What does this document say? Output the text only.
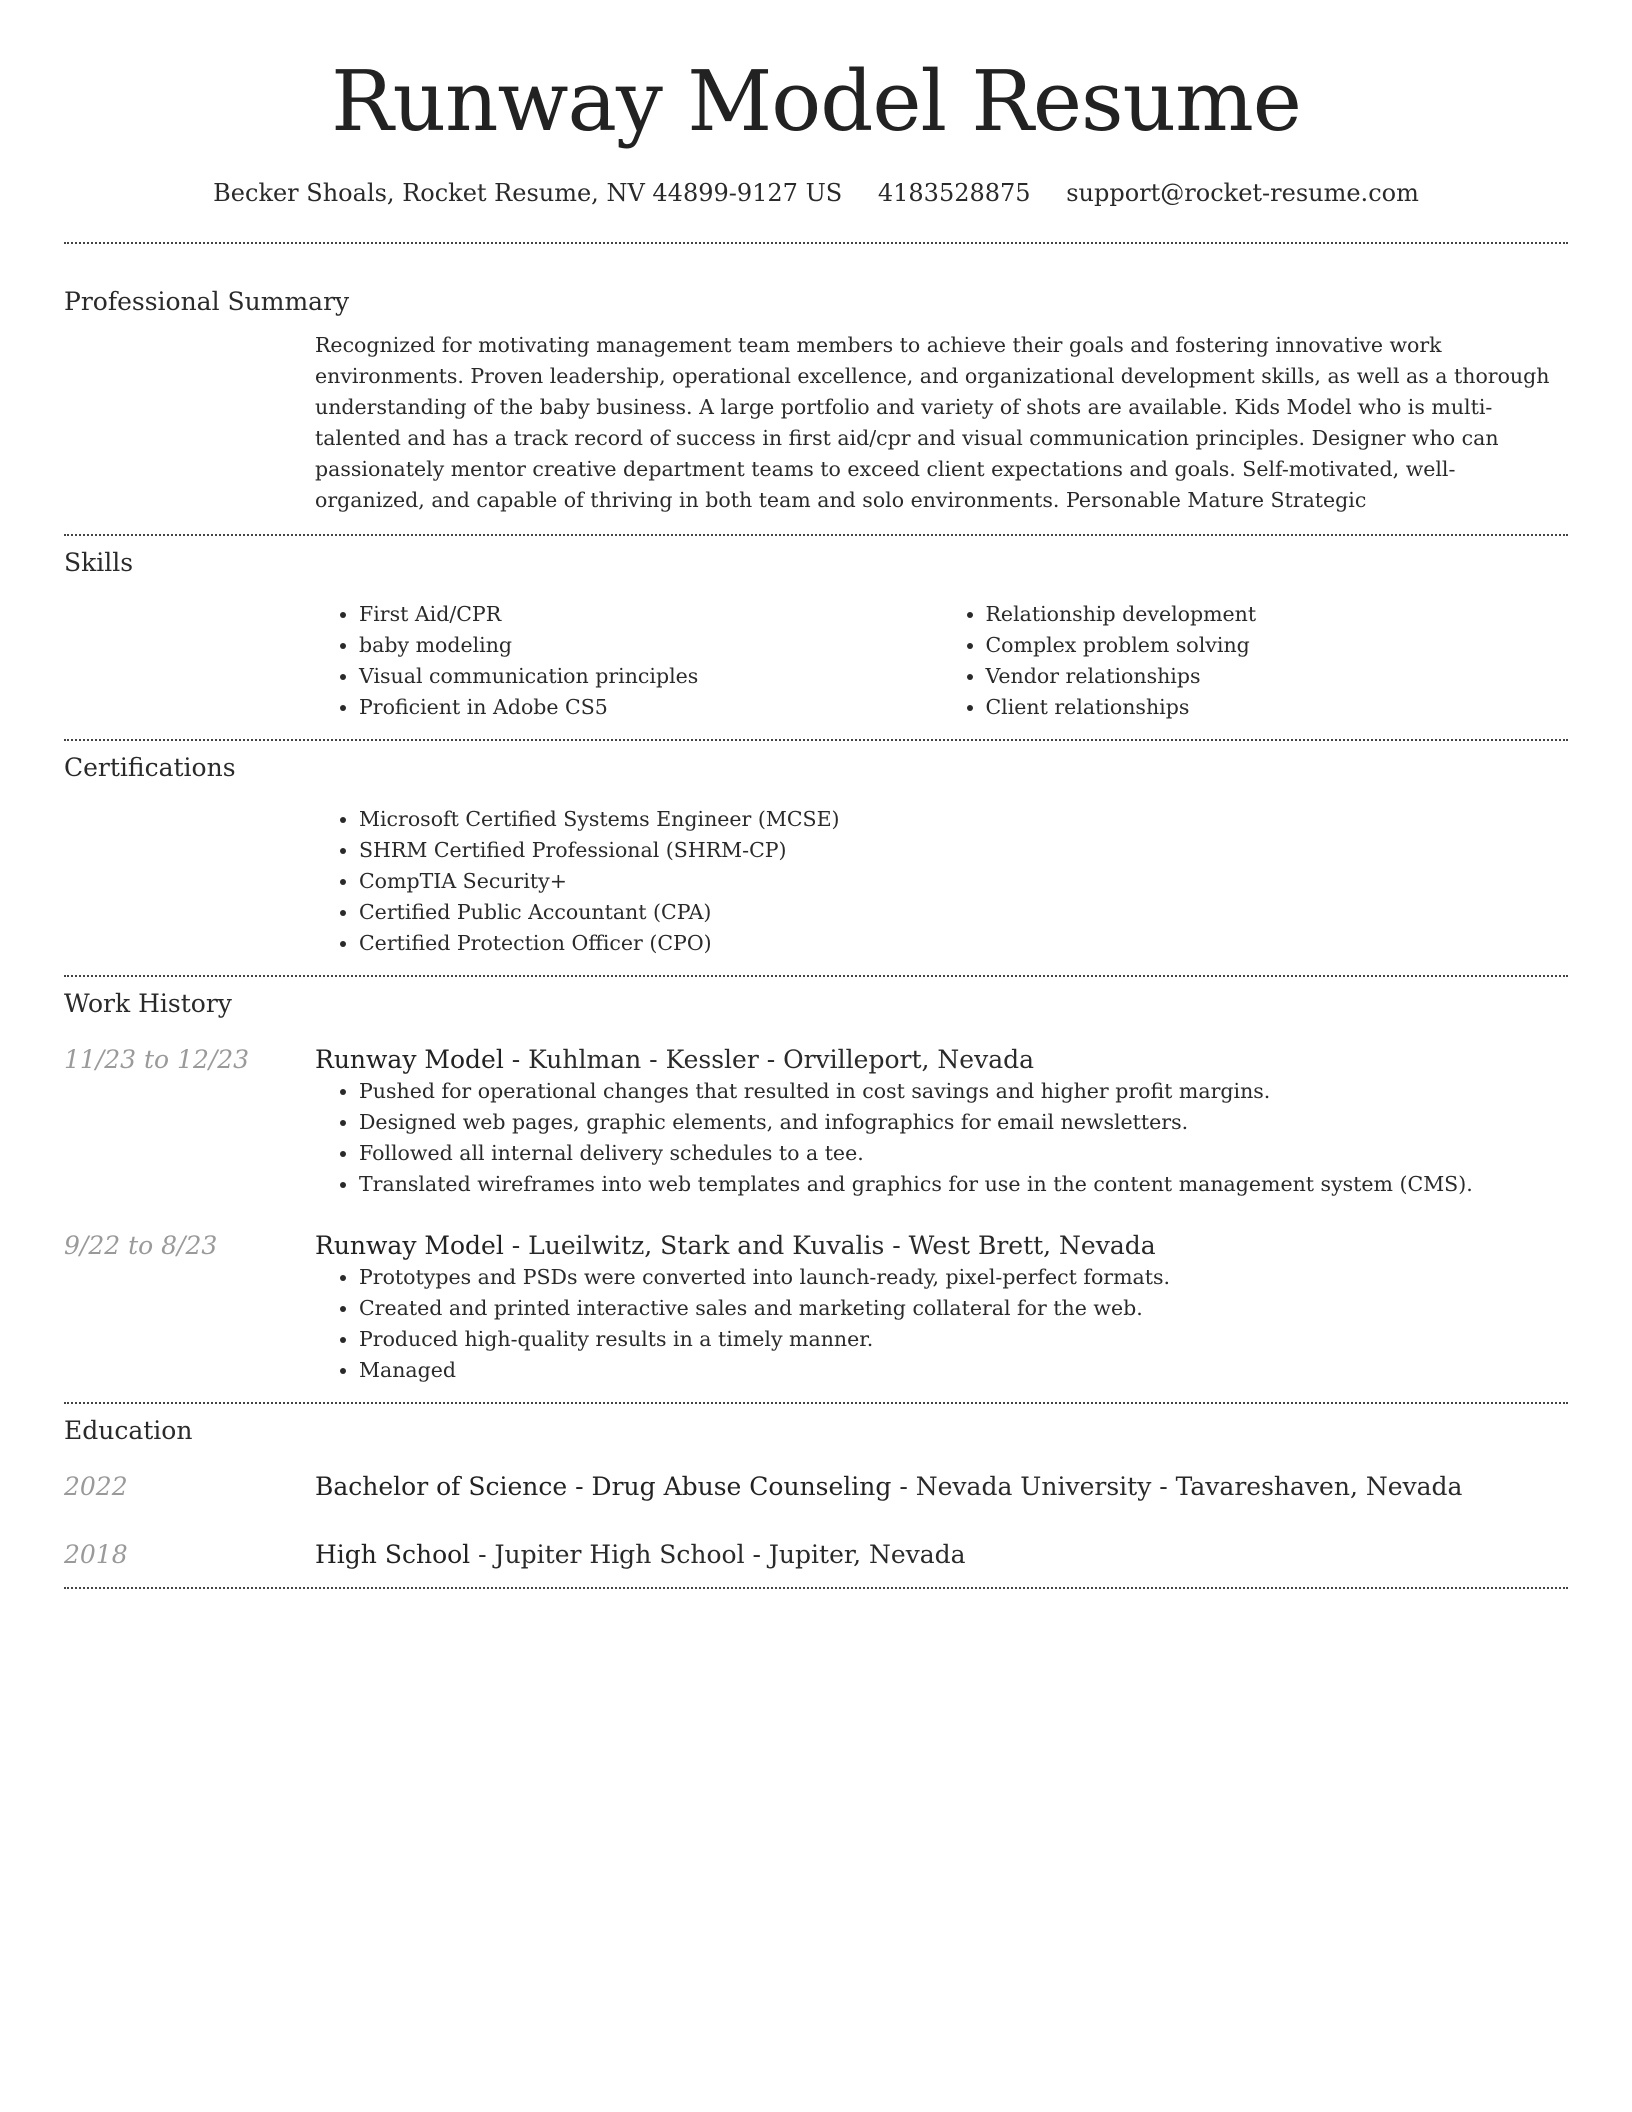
Runway Model Resume
Becker Shoals, Rocket Resume, NV 44899-9127 US 4183528875 support@rocket-resume.com
Professional Summary
Recognized for motivating management team members to achieve their goals and fostering innovative work environments. Proven leadership, operational excellence, and organizational development skills, as well as a thorough understanding of the baby business. A large portfolio and variety of shots are available. Kids Model who is multi-talented and has a track record of success in first aid/cpr and visual communication principles. Designer who can passionately mentor creative department teams to exceed client expectations and goals. Self-motivated, well-organized, and capable of thriving in both team and solo environments. Personable Mature Strategic
Skills
• First Aid/CPR
• baby modeling
• Visual communication principles
• Proficient in Adobe CS5
• Relationship development
• Complex problem solving
• Vendor relationships
• Client relationships
Certifications
• Microsoft Certified Systems Engineer (MCSE)
• SHRM Certified Professional (SHRM-CP)
• CompTIA Security+
• Certified Public Accountant (CPA)
• Certified Protection Officer (CPO)
Work History
11/23 to 12/23	Runway Model - Kuhlman - Kessler - Orvilleport, Nevada
• Pushed for operational changes that resulted in cost savings and higher profit margins.
• Designed web pages, graphic elements, and infographics for email newsletters.
• Followed all internal delivery schedules to a tee.
• Translated wireframes into web templates and graphics for use in the content management system (CMS).
9/22 to 8/23	Runway Model - Lueilwitz, Stark and Kuvalis - West Brett, Nevada
• Prototypes and PSDs were converted into launch-ready, pixel-perfect formats.
• Created and printed interactive sales and marketing collateral for the web.
• Produced high-quality results in a timely manner.
• Managed
Education
2022	Bachelor of Science - Drug Abuse Counseling - Nevada University - Tavareshaven, Nevada
2018	High School - Jupiter High School - Jupiter, Nevada
